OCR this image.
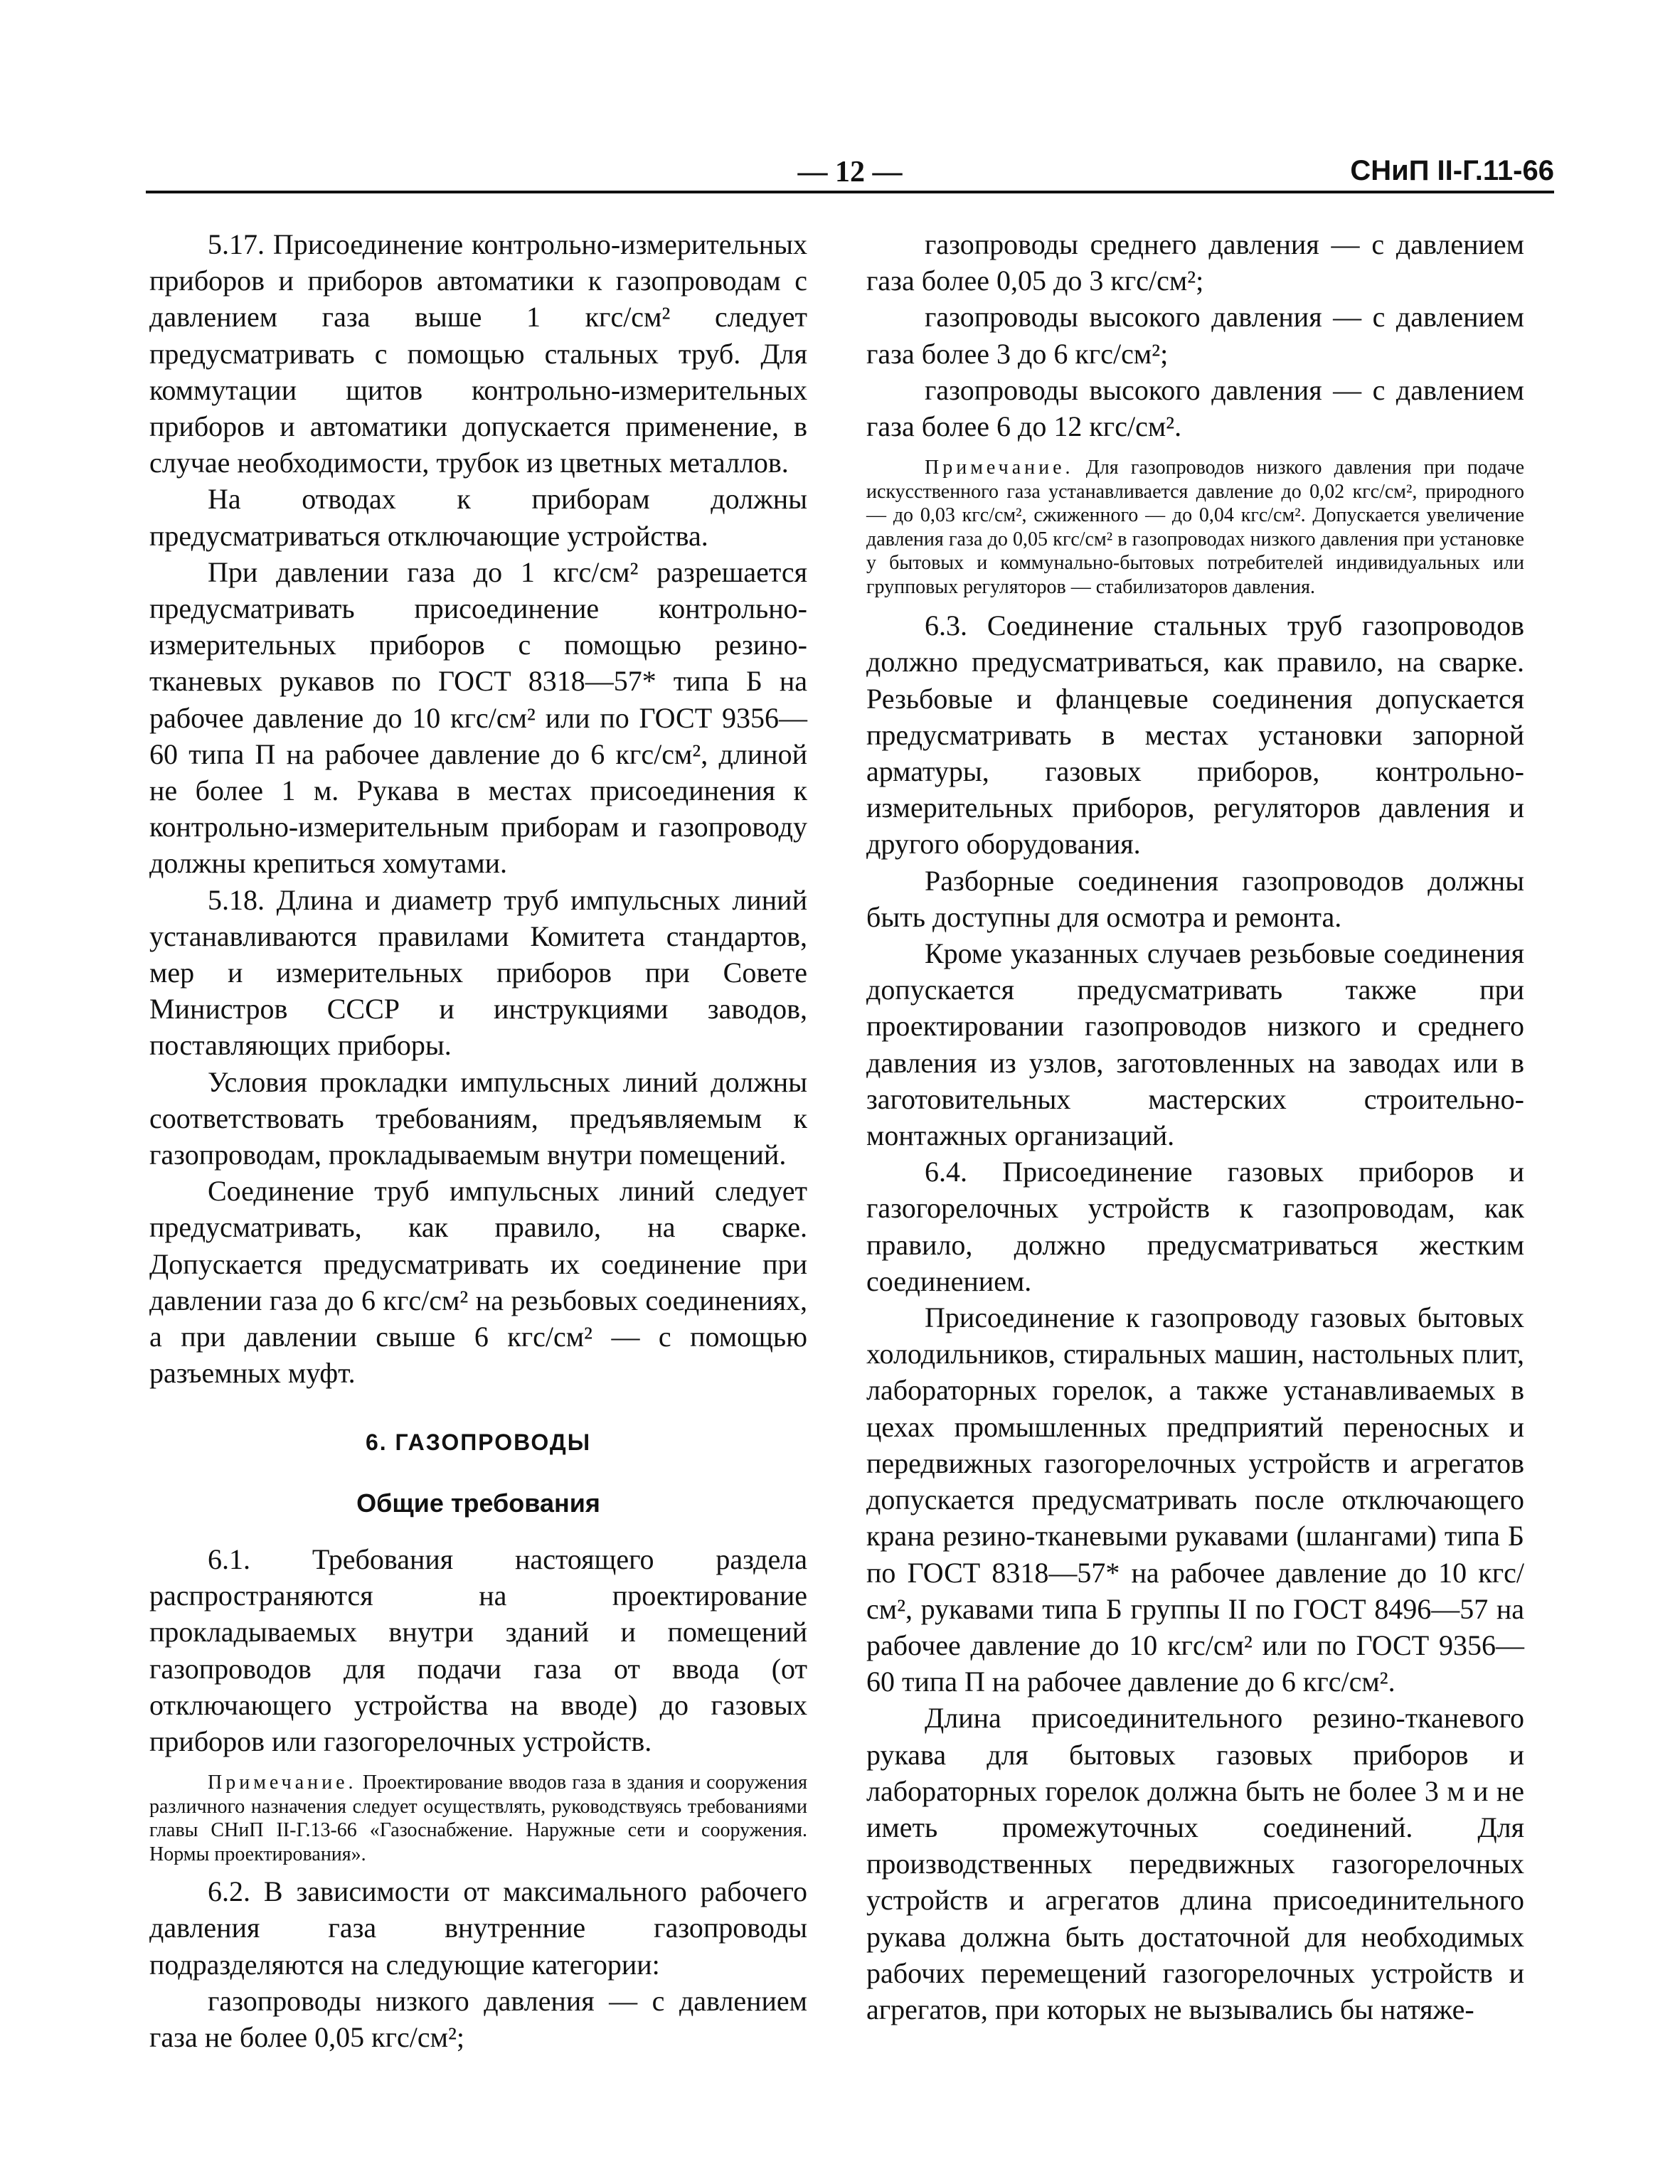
— 12 —	СНиП II-Г.11-66

5.17. Присоединение контрольно-измерительных приборов и приборов автоматики к газопроводам с давлением газа выше 1 кгс/см² следует предусматривать с помощью стальных труб. Для коммутации щитов контрольно-измерительных приборов и автоматики допускается применение, в случае необходимости, трубок из цветных металлов.

На отводах к приборам должны предусматриваться отключающие устройства.

При давлении газа до 1 кгс/см² разрешается предусматривать присоединение контрольно-измерительных приборов с помощью резино-тканевых рукавов по ГОСТ 8318—57* типа Б на рабочее давление до 10 кгс/см² или по ГОСТ 9356—60 типа П на рабочее давление до 6 кгс/см², длиной не более 1 м. Рукава в местах присоединения к контрольно-измерительным приборам и газопроводу должны крепиться хомутами.

5.18. Длина и диаметр труб импульсных линий устанавливаются правилами Комитета стандартов, мер и измерительных приборов при Совете Министров СССР и инструкциями заводов, поставляющих приборы.

Условия прокладки импульсных линий должны соответствовать требованиям, предъявляемым к газопроводам, прокладываемым внутри помещений.

Соединение труб импульсных линий следует предусматривать, как правило, на сварке. Допускается предусматривать их соединение при давлении газа до 6 кгс/см² на резьбовых соединениях, а при давлении свыше 6 кгс/см² — с помощью разъемных муфт.

6. ГАЗОПРОВОДЫ

Общие требования

6.1. Требования настоящего раздела распространяются на проектирование прокладываемых внутри зданий и помещений газопроводов для подачи газа от ввода (от отключающего устройства на вводе) до газовых приборов или газогорелочных устройств.

Примечание. Проектирование вводов газа в здания и сооружения различного назначения следует осуществлять, руководствуясь требованиями главы СНиП II-Г.13-66 «Газоснабжение. Наружные сети и сооружения. Нормы проектирования».

6.2. В зависимости от максимального рабочего давления газа внутренние газопроводы подразделяются на следующие категории:

газопроводы низкого давления — с давлением газа не более 0,05 кгс/см²;

газопроводы среднего давления — с давлением газа более 0,05 до 3 кгс/см²;

газопроводы высокого давления — с давлением газа более 3 до 6 кгс/см²;

газопроводы высокого давления — с давлением газа более 6 до 12 кгс/см².

Примечание. Для газопроводов низкого давления при подаче искусственного газа устанавливается давление до 0,02 кгс/см², природного — до 0,03 кгс/см², сжиженного — до 0,04 кгс/см². Допускается увеличение давления газа до 0,05 кгс/см² в газопроводах низкого давления при установке у бытовых и коммунально-бытовых потребителей индивидуальных или групповых регуляторов — стабилизаторов давления.

6.3. Соединение стальных труб газопроводов должно предусматриваться, как правило, на сварке. Резьбовые и фланцевые соединения допускается предусматривать в местах установки запорной арматуры, газовых приборов, контрольно-измерительных приборов, регуляторов давления и другого оборудования.

Разборные соединения газопроводов должны быть доступны для осмотра и ремонта.

Кроме указанных случаев резьбовые соединения допускается предусматривать также при проектировании газопроводов низкого и среднего давления из узлов, заготовленных на заводах или в заготовительных мастерских строительно-монтажных организаций.

6.4. Присоединение газовых приборов и газогорелочных устройств к газопроводам, как правило, должно предусматриваться жестким соединением.

Присоединение к газопроводу газовых бытовых холодильников, стиральных машин, настольных плит, лабораторных горелок, а также устанавливаемых в цехах промышленных предприятий переносных и передвижных газогорелочных устройств и агрегатов допускается предусматривать после отключающего крана резино-тканевыми рукавами (шлангами) типа Б по ГОСТ 8318—57* на рабочее давление до 10 кгс/см², рукавами типа Б группы II по ГОСТ 8496—57 на рабочее давление до 10 кгс/см² или по ГОСТ 9356—60 типа П на рабочее давление до 6 кгс/см².

Длина присоединительного резино-тканевого рукава для бытовых газовых приборов и лабораторных горелок должна быть не более 3 м и не иметь промежуточных соединений. Для производственных передвижных газогорелочных устройств и агрегатов длина присоединительного рукава должна быть достаточной для необходимых рабочих перемещений газогорелочных устройств и агрегатов, при которых не вызывались бы натяже-
